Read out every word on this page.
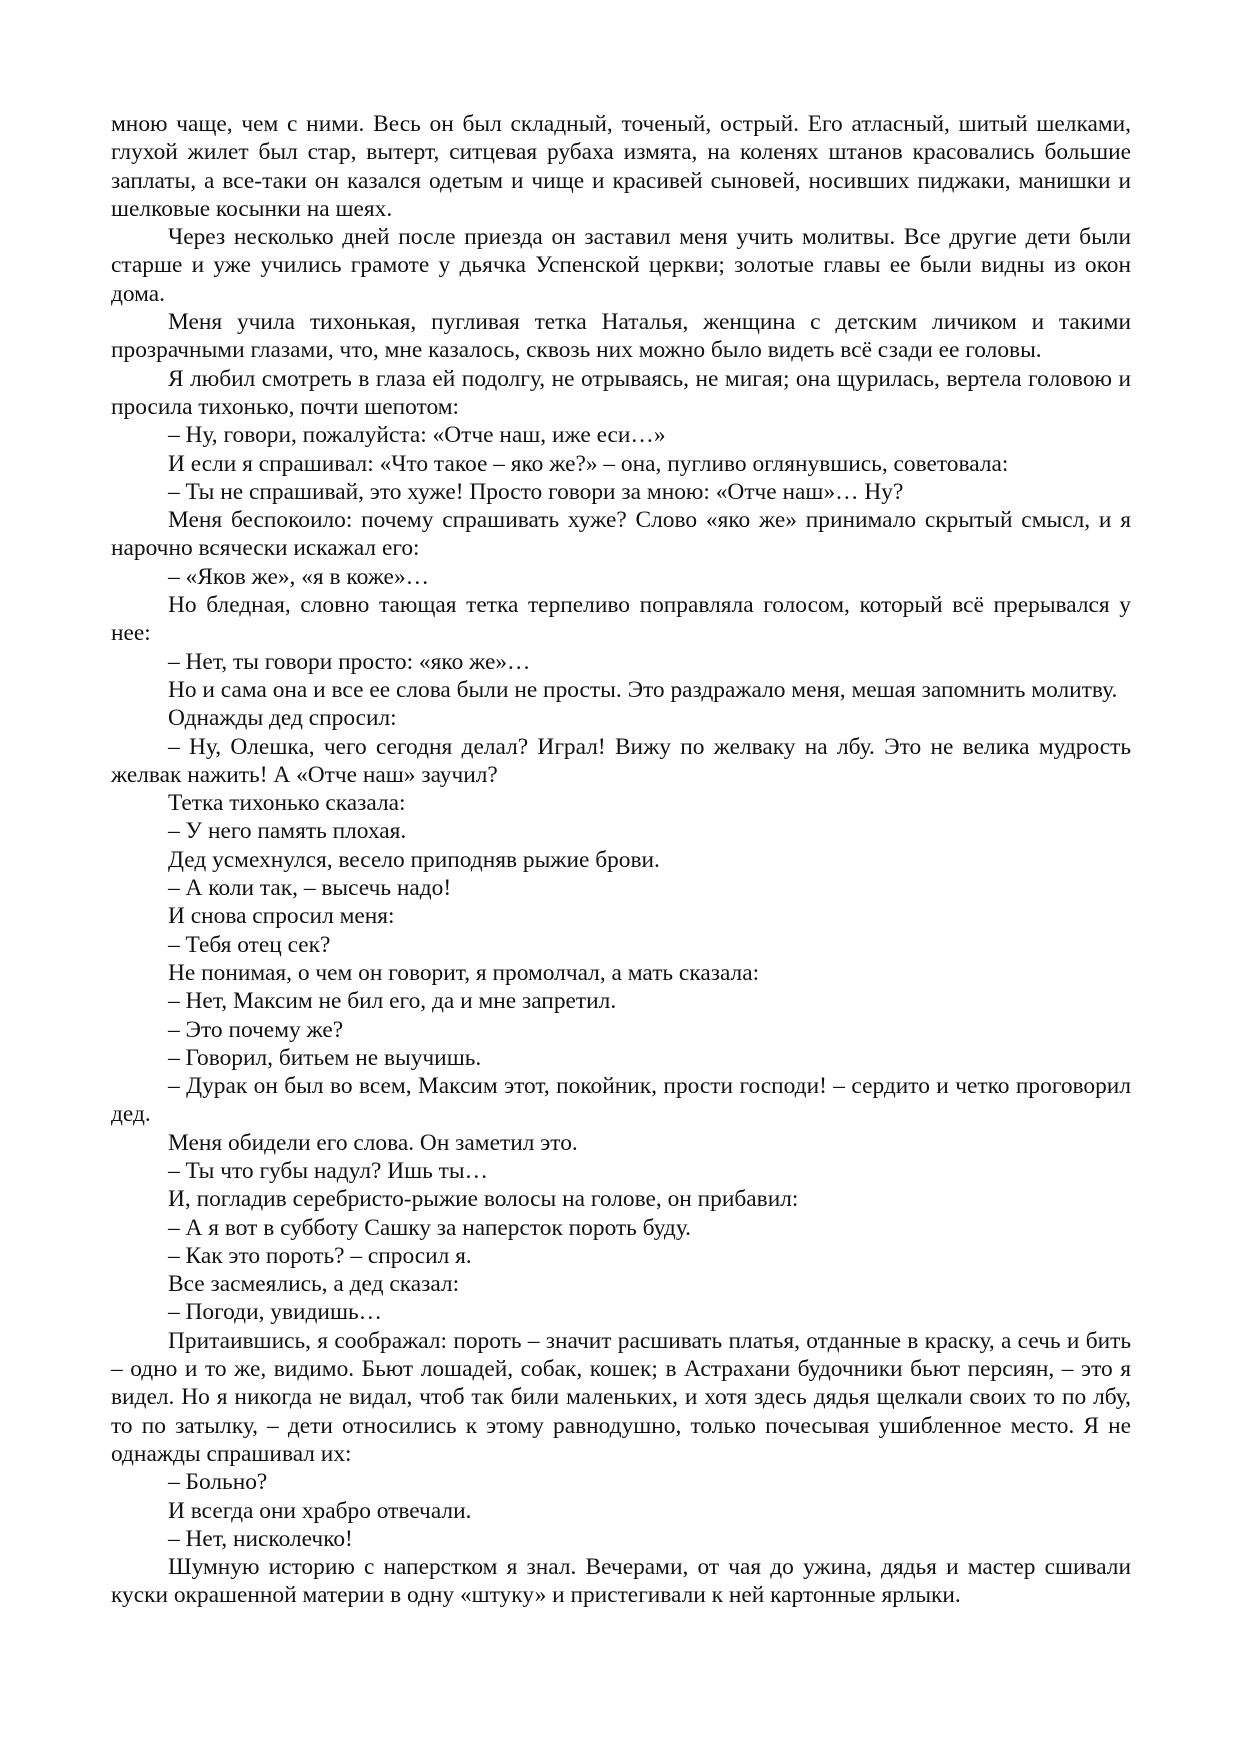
мною чаще, чем с ними. Весь он был складный, точеный, острый. Его атласный, шитый шелками, глухой жилет был стар, вытерт, ситцевая рубаха измята, на коленях штанов красовались большие заплаты, а все-таки он казался одетым и чище и красивей сыновей, носивших пиджаки, манишки и шелковые косынки на шеях.

Через несколько дней после приезда он заставил меня учить молитвы. Все другие дети были старше и уже учились грамоте у дьячка Успенской церкви; золотые главы ее были видны из окон дома.

Меня учила тихонькая, пугливая тетка Наталья, женщина с детским личиком и такими прозрачными глазами, что, мне казалось, сквозь них можно было видеть всё сзади ее головы.

Я любил смотреть в глаза ей подолгу, не отрываясь, не мигая; она щурилась, вертела головою и просила тихонько, почти шепотом:

– Ну, говори, пожалуйста: «Отче наш, иже еси…»

И если я спрашивал: «Что такое – яко же?» – она, пугливо оглянувшись, советовала:

– Ты не спрашивай, это хуже! Просто говори за мною: «Отче наш»… Ну?

Меня беспокоило: почему спрашивать хуже? Слово «яко же» принимало скрытый смысл, и я нарочно всячески искажал его:

– «Яков же», «я в коже»…

Но бледная, словно тающая тетка терпеливо поправляла голосом, который всё прерывался у нее:

– Нет, ты говори просто: «яко же»…

Но и сама она и все ее слова были не просты. Это раздражало меня, мешая запомнить молитву.

Однажды дед спросил:

– Ну, Олешка, чего сегодня делал? Играл! Вижу по желваку на лбу. Это не велика мудрость желвак нажить! А «Отче наш» заучил?

Тетка тихонько сказала:

– У него память плохая.

Дед усмехнулся, весело приподняв рыжие брови.

– А коли так, – высечь надо!

И снова спросил меня:

– Тебя отец сек?

Не понимая, о чем он говорит, я промолчал, а мать сказала:

– Нет, Максим не бил его, да и мне запретил.

– Это почему же?

– Говорил, битьем не выучишь.

– Дурак он был во всем, Максим этот, покойник, прости господи! – сердито и четко проговорил дед.

Меня обидели его слова. Он заметил это.

– Ты что губы надул? Ишь ты…

И, погладив серебристо-рыжие волосы на голове, он прибавил:

– А я вот в субботу Сашку за наперсток пороть буду.

– Как это пороть? – спросил я.

Все засмеялись, а дед сказал:

– Погоди, увидишь…

Притаившись, я соображал: пороть – значит расшивать платья, отданные в краску, а сечь и бить – одно и то же, видимо. Бьют лошадей, собак, кошек; в Астрахани будочники бьют персиян, – это я видел. Но я никогда не видал, чтоб так били маленьких, и хотя здесь дядья щелкали своих то по лбу, то по затылку, – дети относились к этому равнодушно, только почесывая ушибленное место. Я не однажды спрашивал их:

– Больно?

И всегда они храбро отвечали.

– Нет, нисколечко!

Шумную историю с наперстком я знал. Вечерами, от чая до ужина, дядья и мастер сшивали куски окрашенной материи в одну «штуку» и пристегивали к ней картонные ярлыки.
